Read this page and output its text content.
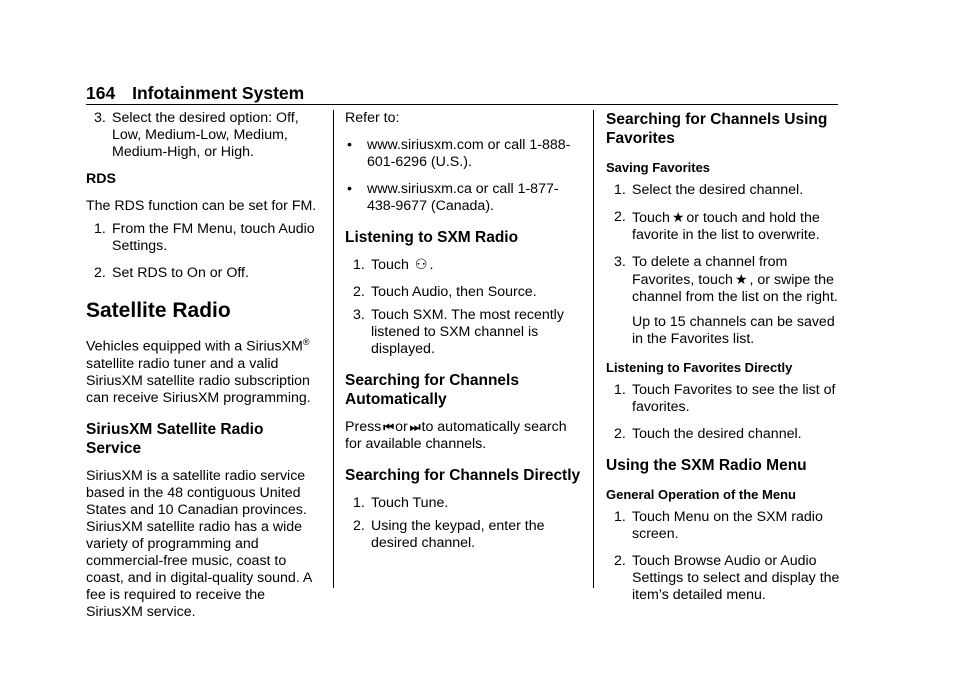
164 Infotainment System
3. Select the desired option: Off, Low, Medium-Low, Medium, Medium-High, or High.

RDS

The RDS function can be set for FM.

1. From the FM Menu, touch Audio Settings.
2. Set RDS to On or Off.

Satellite Radio

Vehicles equipped with a SiriusXM® satellite radio tuner and a valid SiriusXM satellite radio subscription can receive SiriusXM programming.

SiriusXM Satellite Radio Service

SiriusXM is a satellite radio service based in the 48 contiguous United States and 10 Canadian provinces. SiriusXM satellite radio has a wide variety of programming and commercial-free music, coast to coast, and in digital-quality sound. A fee is required to receive the SiriusXM service.

Refer to:

• www.siriusxm.com or call 1-888-601-6296 (U.S.).
• www.siriusxm.ca or call 1-877-438-9677 (Canada).

Listening to SXM Radio

1. Touch ⚇ .
2. Touch Audio, then Source.
3. Touch SXM. The most recently listened to SXM channel is displayed.

Searching for Channels Automatically

Press ⏮ or ⏭ to automatically search for available channels.

Searching for Channels Directly

1. Touch Tune.
2. Using the keypad, enter the desired channel.

Searching for Channels Using Favorites

Saving Favorites

1. Select the desired channel.
2. Touch ★ or touch and hold the favorite in the list to overwrite.
3. To delete a channel from Favorites, touch ★ , or swipe the channel from the list on the right.

Up to 15 channels can be saved in the Favorites list.

Listening to Favorites Directly

1. Touch Favorites to see the list of favorites.
2. Touch the desired channel.

Using the SXM Radio Menu

General Operation of the Menu

1. Touch Menu on the SXM radio screen.
2. Touch Browse Audio or Audio Settings to select and display the item’s detailed menu.
